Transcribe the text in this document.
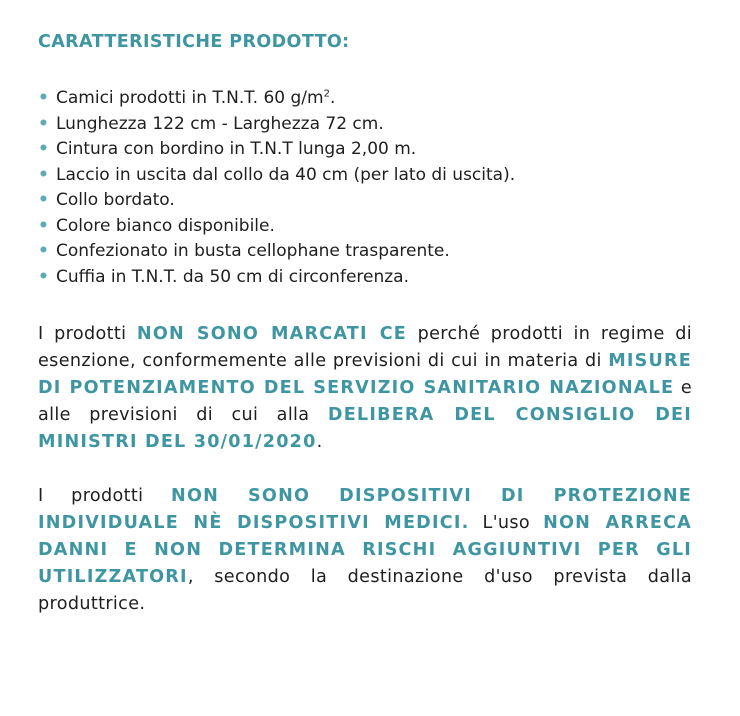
CARATTERISTICHE PRODOTTO:
• Camici prodotti in T.N.T. 60 $g/m^2$.
• Lunghezza 122 cm - Larghezza 72 cm.
• Cintura con bordino in T.N.T lunga 2,00 m.
• Laccio in uscita dal collo da 40 cm (per lato di uscita).
• Collo bordato.
• Colore bianco disponibile.
• Confezionato in busta cellophane trasparente.
• Cuffia in T.N.T. da 50 cm di circonferenza.

I prodotti NON SONO MARCATI CE perché prodotti in regime di esenzione, conformemente alle previsioni di cui in materia di MISURE DI POTENZIAMENTO DEL SERVIZIO SANITARIO NAZIONALE e alle previsioni di cui alla DELIBERA DEL CONSIGLIO DEI MINISTRI DEL 30/01/2020.

I prodotti NON SONO DISPOSITIVI DI PROTEZIONE INDIVIDUALE NÈ DISPOSITIVI MEDICI. L'uso NON ARRECA DANNI E NON DETERMINA RISCHI AGGIUNTIVI PER GLI UTILIZZATORI, secondo la destinazione d'uso prevista dalla produttrice.
